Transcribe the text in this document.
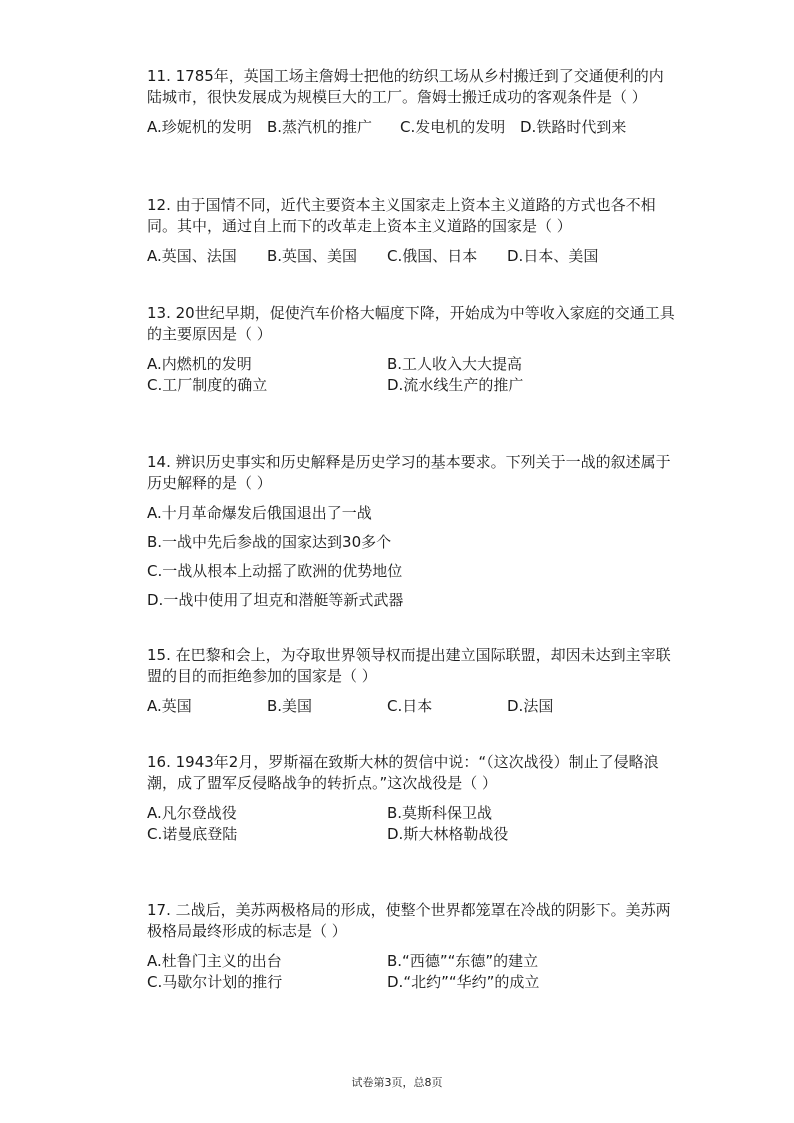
11. 1785年，英国工场主詹姆士把他的纺织工场从乡村搬迁到了交通便利的内陆城市，很快发展成为规模巨大的工厂。詹姆士搬迁成功的客观条件是（ ）

A.珍妮机的发明	B.蒸汽机的推广	C.发电机的发明 D.铁路时代到来

12. 由于国情不同，近代主要资本主义国家走上资本主义道路的方式也各不相同。其中，通过自上而下的改革走上资本主义道路的国家是（ ）

A.英国、法国	B.英国、美国	C.俄国、日本	D.日本、美国

13. 20世纪早期，促使汽车价格大幅度下降，开始成为中等收入家庭的交通工具的主要原因是（ ）

A.内燃机的发明	B.工人收入大大提高
C.工厂制度的确立	D.流水线生产的推广

14. 辨识历史事实和历史解释是历史学习的基本要求。下列关于一战的叙述属于历史解释的是（ ）

A.十月革命爆发后俄国退出了一战
B.一战中先后参战的国家达到30多个
C.一战从根本上动摇了欧洲的优势地位
D.一战中使用了坦克和潜艇等新式武器

15. 在巴黎和会上，为夺取世界领导权而提出建立国际联盟，却因未达到主宰联盟的目的而拒绝参加的国家是（ ）

A.英国	B.美国	C.日本	D.法国

16. 1943年2月，罗斯福在致斯大林的贺信中说：“（这次战役）制止了侵略浪潮，成了盟军反侵略战争的转折点。”这次战役是（ ）

A.凡尔登战役	B.莫斯科保卫战
C.诺曼底登陆	D.斯大林格勒战役

17. 二战后，美苏两极格局的形成，使整个世界都笼罩在冷战的阴影下。美苏两极格局最终形成的标志是（ ）

A.杜鲁门主义的出台	B.“西德”“东德”的建立
C.马歇尔计划的推行	D.“北约”“华约”的成立
试卷第3页，总8页
